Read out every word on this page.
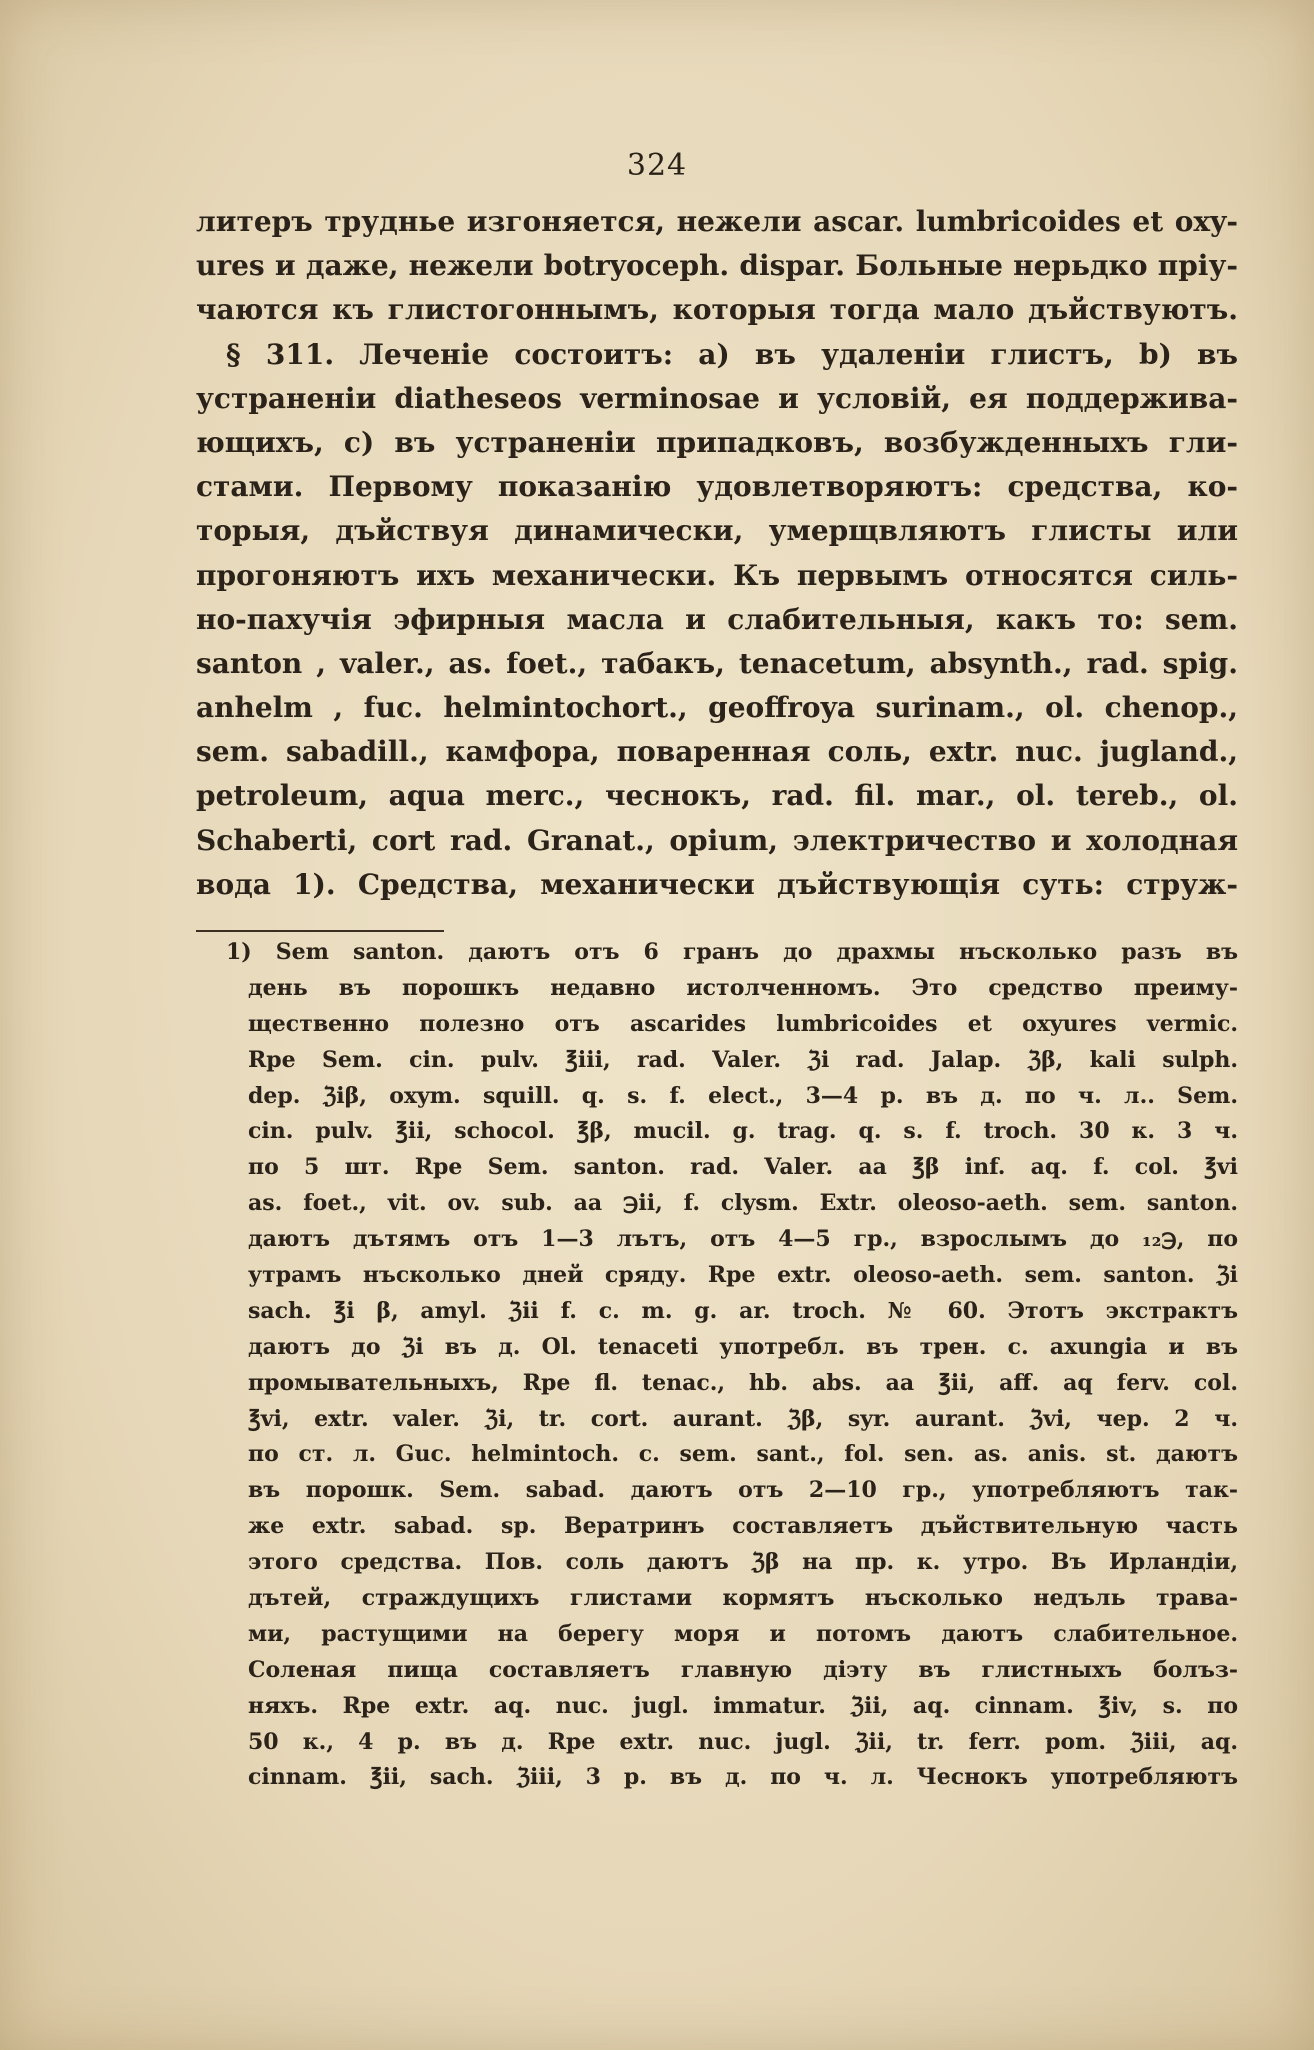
324
литеръ труднье изгоняется, нежели ascar. lumbricoides et oxy-
ures и даже, нежели botryoceph. dispar. Больные нерьдко прiу-
чаются къ глистогоннымъ, которыя тогда мало дъйствуютъ.
§ 311. Леченiе состоитъ: a) въ удаленiи глистъ, b) въ
устраненiи diatheseos verminosae и условiй, ея поддержива-
ющихъ, c) въ устраненiи припадковъ, возбужденныхъ гли-
стами. Первому показанiю удовлетворяютъ: средства, ко-
торыя, дъйствуя динамически, умерщвляютъ глисты или
прогоняютъ ихъ механически. Къ первымъ относятся силь-
но-пахучiя эфирныя масла и слабительныя, какъ то: sem.
santon , valer., as. foet., табакъ, tenacetum, absynth., rad. spig.
anhelm , fuc. helmintochort., geoffroya surinam., ol. chenop.,
sem. sabadill., камфора, поваренная соль, extr. nuc. jugland.,
petroleum, aqua merc., чеснокъ, rad. fil. mar., ol. tereb., ol.
Schaberti, cort rad. Granat., opium, электричество и холодная
вода 1). Средства, механически дъйствующiя суть: струж-
1) Sem santon. даютъ отъ 6 гранъ до драхмы нъсколько разъ въ
день въ порошкъ недавно истолченномъ. Это средство преиму-
щественно полезно отъ ascarides lumbricoides et oxyures vermic.
Rpe Sem. cin. pulv. ℥iii, rad. Valer. ℨi rad. Jalap. ℨβ, kali sulph.
dep. ℨiβ, oxym. squill. q. s. f. elect., 3—4 p. въ д. по ч. л.. Sem.
cin. pulv. ℥ii, schocol. ℥β, mucil. g. trag. q. s. f. troch. 30 к. 3 ч.
по 5 шт. Rpe Sem. santon. rad. Valer. aa ℥β inf. aq. f. col. ℥vi
as. foet., vit. ov. sub. aa ℈ii, f. clysm. Extr. oleoso-aeth. sem. santon.
даютъ дътямъ отъ 1—3 лътъ, отъ 4—5 гр., взрослымъ до ₁₂℈, по
утрамъ нъсколько дней сряду. Rpe extr. oleoso-aeth. sem. santon. ℨi
sach. ℥i β, amyl. ℨii f. c. m. g. ar. troch. № 60. Этотъ экстрактъ
даютъ до ℨi въ д. Ol. tenaceti употребл. въ трен. с. axungia и въ
промывательныхъ, Rpe fl. tenac., hb. abs. aa ℥ii, aff. aq ferv. col.
℥vi, extr. valer. ℨi, tr. cort. aurant. ℨβ, syr. aurant. ℨvi, чер. 2 ч.
по ст. л. Guc. helmintoch. c. sem. sant., fol. sen. as. anis. st. даютъ
въ порошк. Sem. sabad. даютъ отъ 2—10 гр., употребляютъ так-
же extr. sabad. sp. Вератринъ составляетъ дъйствительную часть
этого средства. Пов. соль даютъ ℨβ на пр. к. утро. Въ Ирландiи,
дътей, страждущихъ глистами кормятъ нъсколько недъль трава-
ми, растущими на берегу моря и потомъ даютъ слабительное.
Соленая пища составляетъ главную дiэту въ глистныхъ болъз-
няхъ. Rpe extr. aq. nuc. jugl. immatur. ℨii, aq. cinnam. ℥iv, s. по
50 к., 4 р. въ д. Rpe extr. nuc. jugl. ℨii, tr. ferr. pom. ℨiii, aq.
cinnam. ℥ii, sach. ℨiii, 3 р. въ д. по ч. л. Чеснокъ употребляютъ
